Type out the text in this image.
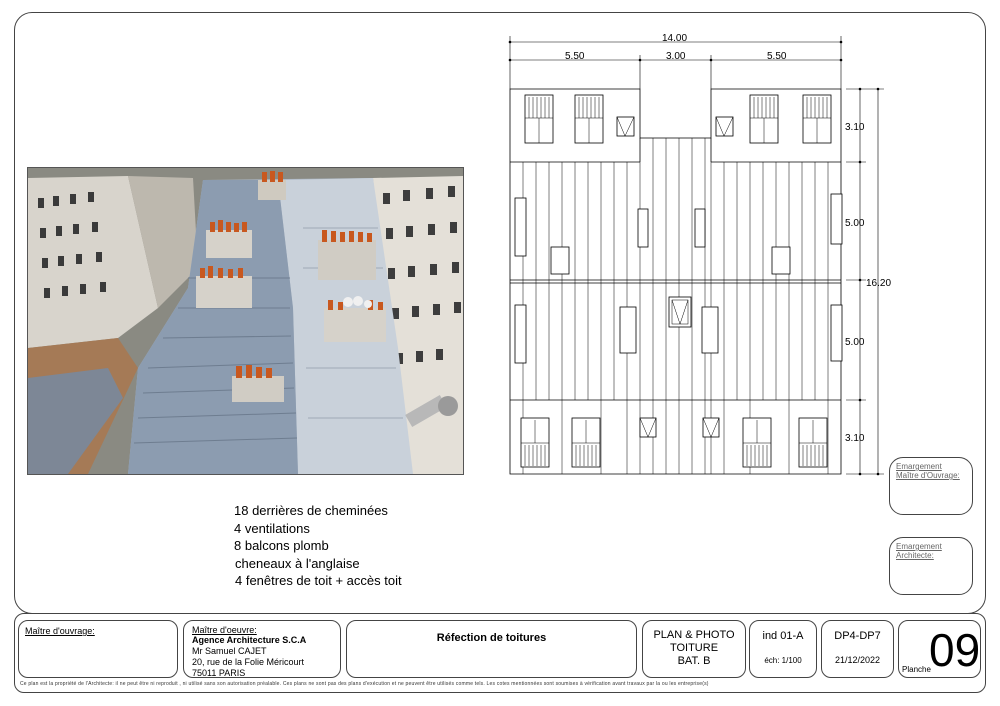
14.00
5.50	3.00	5.50
3.10
5.00
16.20
5.00
3.10
18 derrières de cheminées
4 ventilations
8 balcons plomb
cheneaux à l'anglaise
4 fenêtres de toit + accès toit
Emargement
Maître d'Ouvrage:
Emargement
Architecte:
Maître d'ouvrage:	Maître d'oeuvre:
Agence Architecture S.C.A
Mr Samuel CAJET
20, rue de la Folie Méricourt
75011 PARIS
Réfection de toitures	PLAN & PHOTO
TOITURE
BAT. B
ind 01-A
éch: 1/100
DP4-DP7
21/12/2022
Planche
09
Ce plan est la propriété de l'Architecte: il ne peut être ni reproduit , ni utilisé sans son autorisation préalable. Ces plans ne sont pas des plans d'exécution et ne peuvent être utilisés comme tels. Les cotes mentionnées sont soumises à vérification avant travaux par la ou les entreprise(s)
